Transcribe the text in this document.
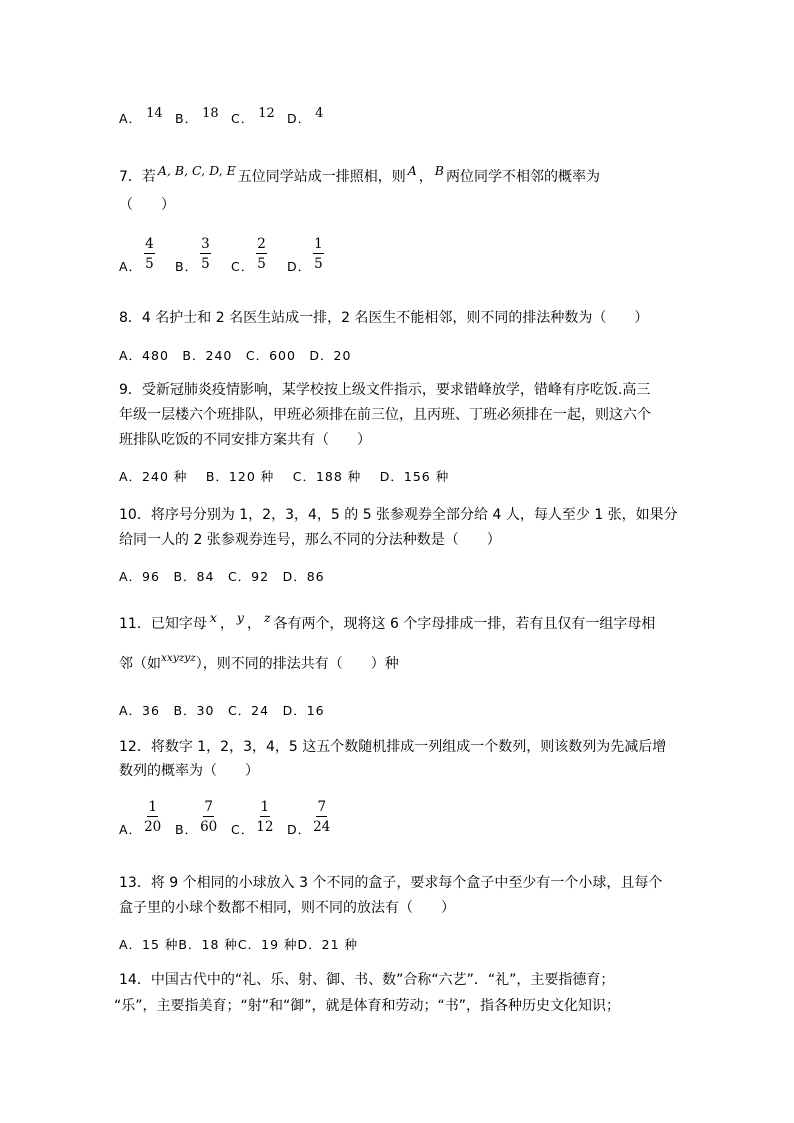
A． 14 B． 18 C． 12 D． 4
7．若 A, B, C, D, E 五位同学站成一排照相，则 A ， B 两位同学不相邻的概率为
（　　）
A． $\frac{4}{5}$ B． $\frac{3}{5}$ C． $\frac{2}{5}$ D． $\frac{1}{5}$
8．4 名护士和 2 名医生站成一排，2 名医生不能相邻，则不同的排法种数为（　　）
A．480　B．240　C．600　D．20
9．受新冠肺炎疫情影响，某学校按上级文件指示，要求错峰放学，错峰有序吃饭.高三
年级一层楼六个班排队，甲班必须排在前三位，且丙班、丁班必须排在一起，则这六个
班排队吃饭的不同安排方案共有（　　）
A．240 种　 B．120 种　 C．188 种　 D．156 种
10．将序号分别为 1，2，3，4，5 的 5 张参观券全部分给 4 人，每人至少 1 张，如果分
给同一人的 2 张参观券连号，那么不同的分法种数是（　　）
A．96　B．84　C．92　D．86
11．已知字母 x ， y ， z 各有两个，现将这 6 个字母排成一排，若有且仅有一组字母相
邻（如$^{xxyzyz}$），则不同的排法共有（　　）种
A．36　B．30　C．24　D．16
12．将数字 1，2，3，4，5 这五个数随机排成一列组成一个数列，则该数列为先减后增
数列的概率为（　　）
A． $\frac{1}{20}$ B． $\frac{7}{60}$ C． $\frac{1}{12}$ D． $\frac{7}{24}$
13．将 9 个相同的小球放入 3 个不同的盒子，要求每个盒子中至少有一个小球，且每个
盒子里的小球个数都不相同，则不同的放法有（　　）
A．15 种B．18 种C．19 种D．21 种
14．中国古代中的“礼、乐、射、御、书、数”合称“六艺”．“礼”，主要指德育；
“乐”，主要指美育；“射”和“御”，就是体育和劳动；“书”，指各种历史文化知识；
